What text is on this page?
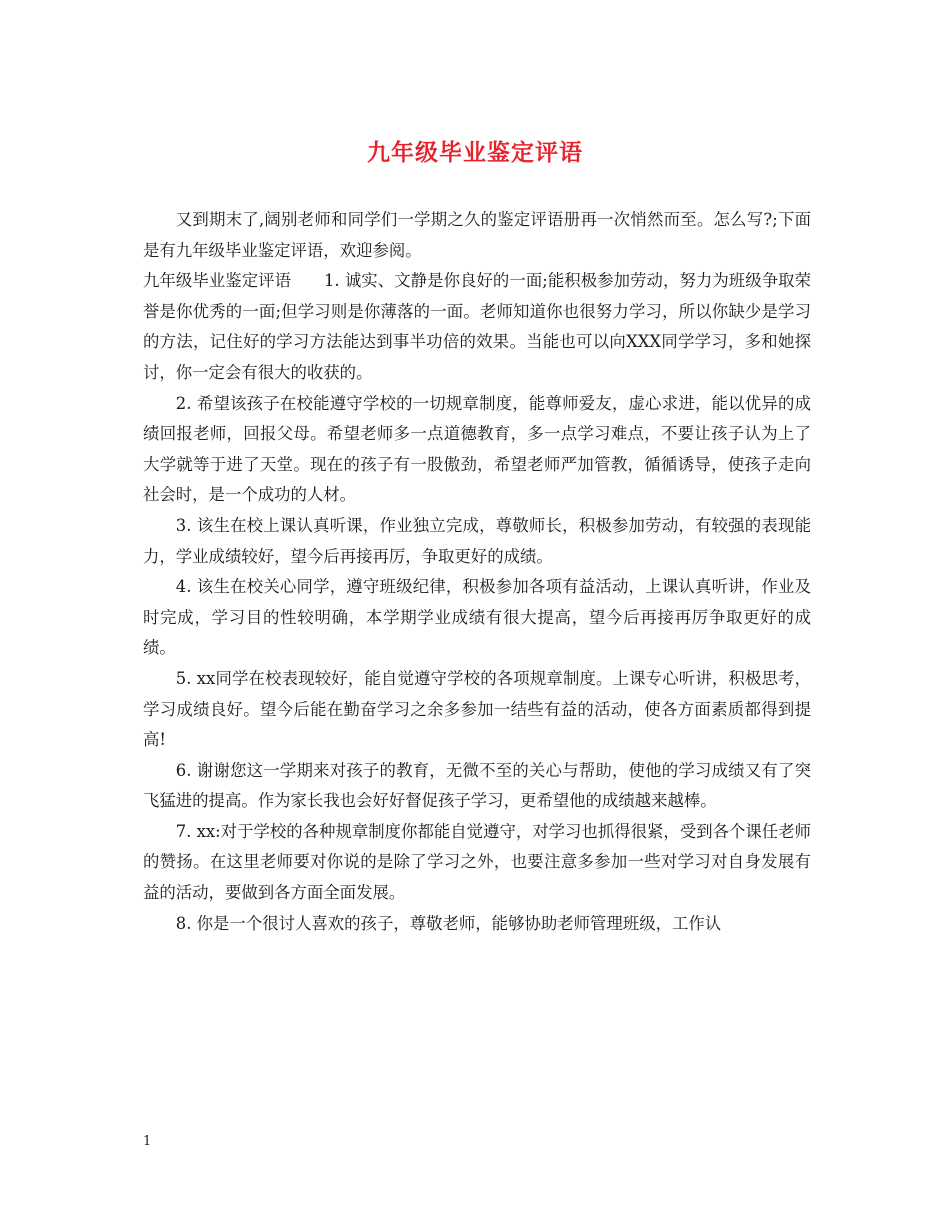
九年级毕业鉴定评语

又到期末了,阔别老师和同学们一学期之久的鉴定评语册再一次悄然而至。怎么写?;下面是有九年级毕业鉴定评语，欢迎参阅。

九年级毕业鉴定评语　　1. 诚实、文静是你良好的一面;能积极参加劳动，努力为班级争取荣誉是你优秀的一面;但学习则是你薄落的一面。老师知道你也很努力学习，所以你缺少是学习的方法，记住好的学习方法能达到事半功倍的效果。当能也可以向XXX同学学习，多和她探讨，你一定会有很大的收获的。

2. 希望该孩子在校能遵守学校的一切规章制度，能尊师爱友，虚心求进，能以优异的成绩回报老师，回报父母。希望老师多一点道德教育，多一点学习难点，不要让孩子认为上了大学就等于进了天堂。现在的孩子有一股傲劲，希望老师严加管教，循循诱导，使孩子走向社会时，是一个成功的人材。

3. 该生在校上课认真听课，作业独立完成，尊敬师长，积极参加劳动，有较强的表现能力，学业成绩较好，望今后再接再厉，争取更好的成绩。

4. 该生在校关心同学，遵守班级纪律，积极参加各项有益活动，上课认真听讲，作业及时完成，学习目的性较明确，本学期学业成绩有很大提高，望今后再接再厉争取更好的成绩。

5. xx同学在校表现较好，能自觉遵守学校的各项规章制度。上课专心听讲，积极思考，学习成绩良好。望今后能在勤奋学习之余多参加一结些有益的活动，使各方面素质都得到提高!

6. 谢谢您这一学期来对孩子的教育，无微不至的关心与帮助，使他的学习成绩又有了突飞猛进的提高。作为家长我也会好好督促孩子学习，更希望他的成绩越来越棒。

7. xx:对于学校的各种规章制度你都能自觉遵守，对学习也抓得很紧，受到各个课任老师的赞扬。在这里老师要对你说的是除了学习之外，也要注意多参加一些对学习对自身发展有益的活动，要做到各方面全面发展。

8. 你是一个很讨人喜欢的孩子，尊敬老师，能够协助老师管理班级，工作认

1
